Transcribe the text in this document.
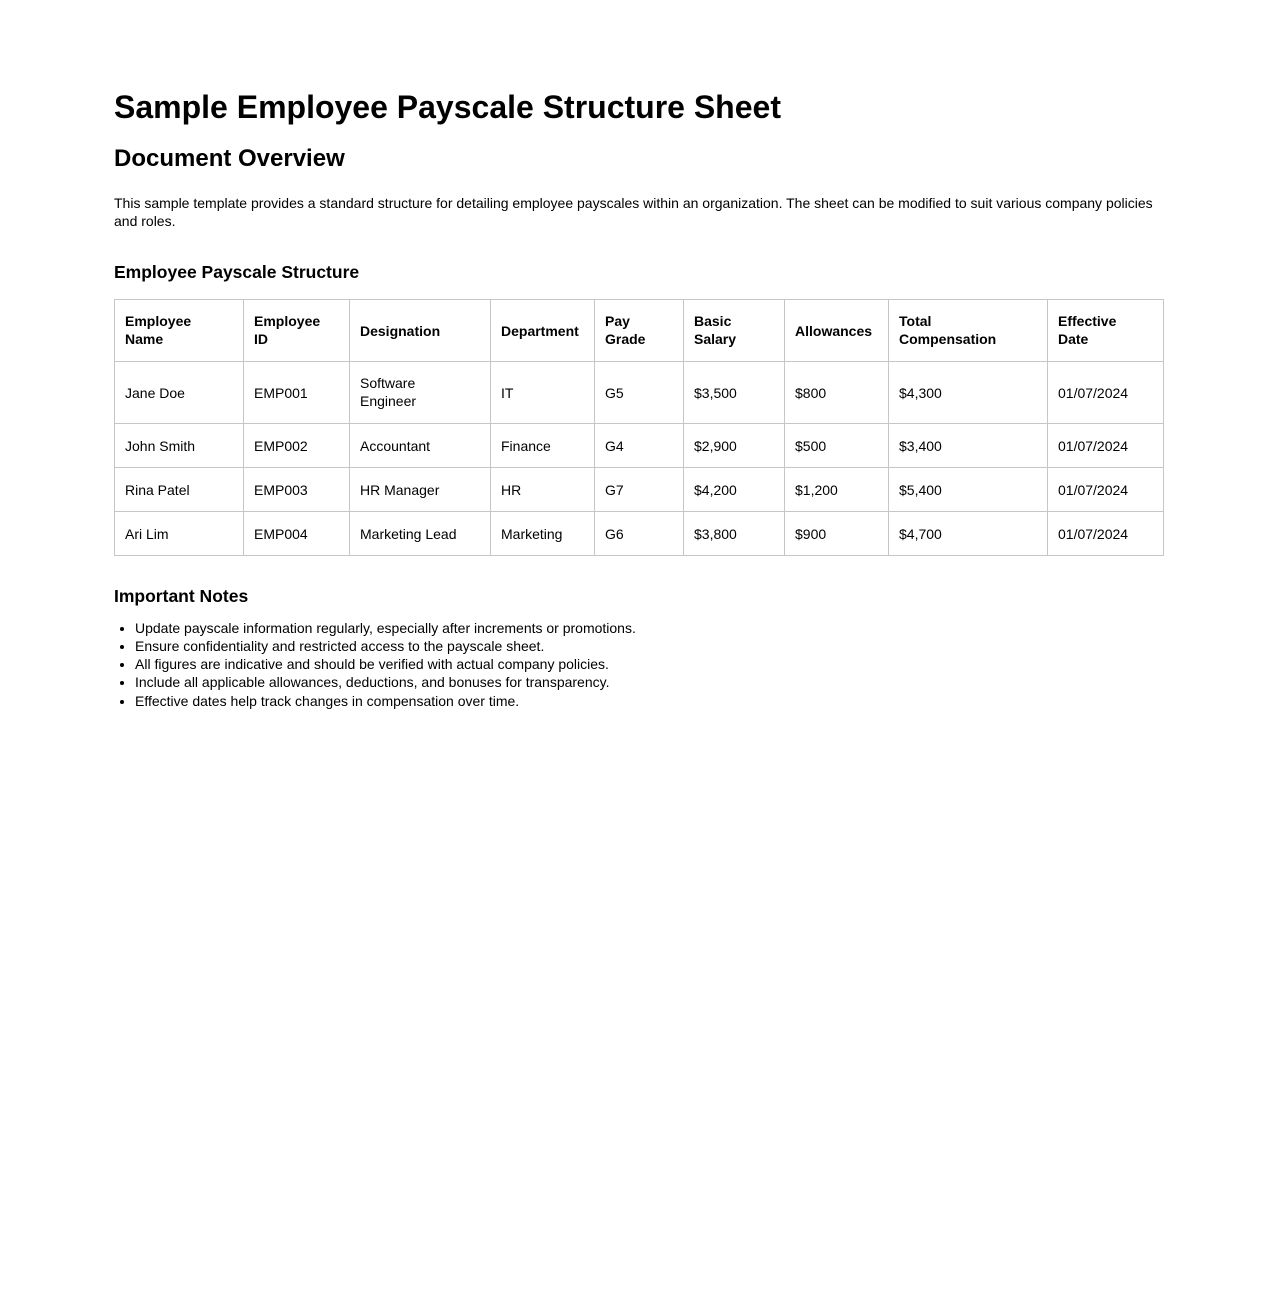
Sample Employee Payscale Structure Sheet
Document Overview

This sample template provides a standard structure for detailing employee payscales within an organization. The sheet can be modified to suit various company policies and roles.

Employee Payscale Structure
Employee Name	Employee ID	Designation	Department	Pay Grade	Basic Salary	Allowances	Total Compensation	Effective Date
Jane Doe	EMP001	Software Engineer	IT	G5	$3,500	$800	$4,300	01/07/2024
John Smith	EMP002	Accountant	Finance	G4	$2,900	$500	$3,400	01/07/2024
Rina Patel	EMP003	HR Manager	HR	G7	$4,200	$1,200	$5,400	01/07/2024
Ari Lim	EMP004	Marketing Lead	Marketing	G6	$3,800	$900	$4,700	01/07/2024
Important Notes
• Update payscale information regularly, especially after increments or promotions.
• Ensure confidentiality and restricted access to the payscale sheet.
• All figures are indicative and should be verified with actual company policies.
• Include all applicable allowances, deductions, and bonuses for transparency.
• Effective dates help track changes in compensation over time.
